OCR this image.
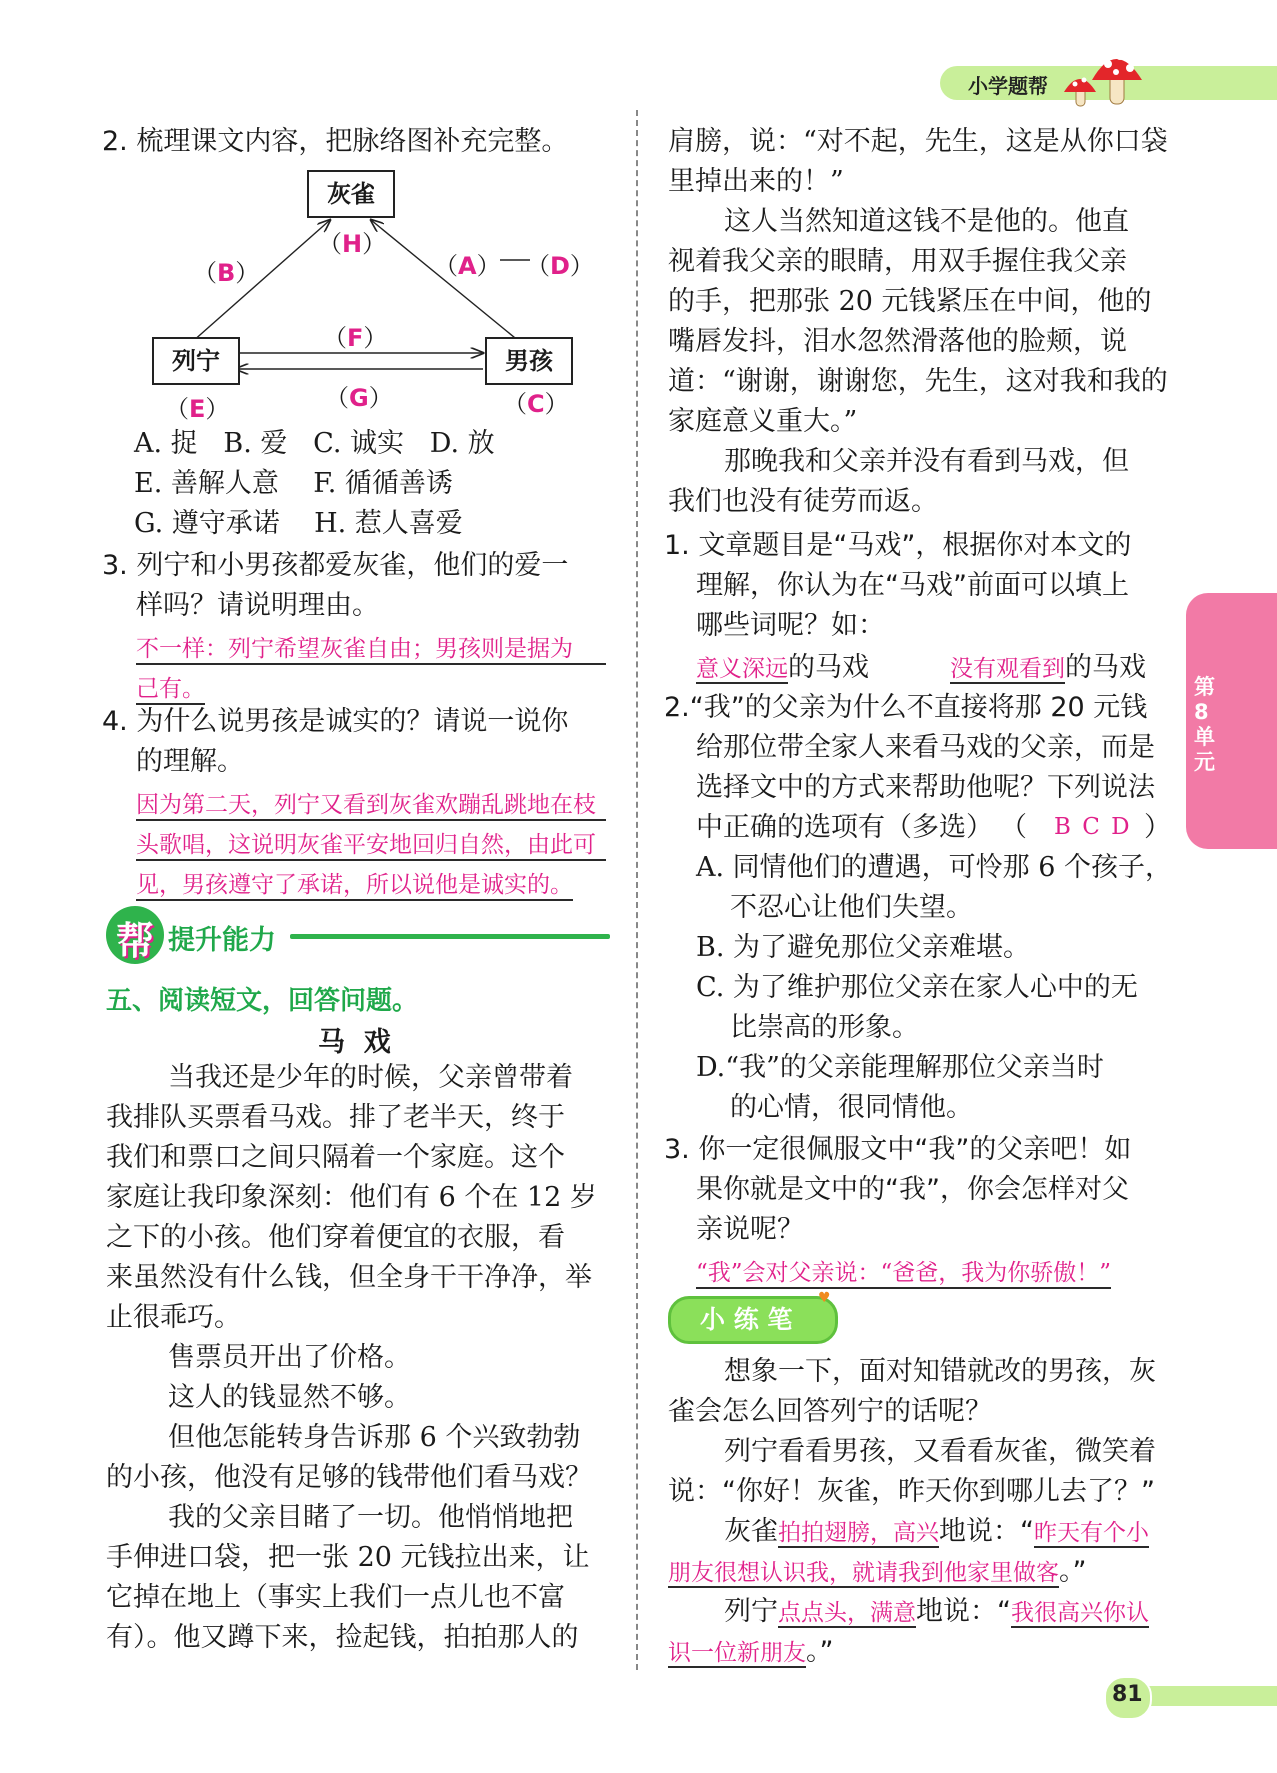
小学题帮
第8单元
2. 梳理课文内容，把脉络图补充完整。
灰雀
列宁	男孩
（H）
（B）	（A） （D）
（F）
（G）
（E）	（C）
A. 捉   B. 爱   C. 诚实   D. 放
E. 善解人意    F. 循循善诱
G. 遵守承诺    H. 惹人喜爱
3. 列宁和小男孩都爱灰雀，他们的爱一
样吗？请说明理由。
不一样：列宁希望灰雀自由；男孩则是据为
己有。
4. 为什么说男孩是诚实的？请说一说你
的理解。
因为第二天，列宁又看到灰雀欢蹦乱跳地在枝
头歌唱，这说明灰雀平安地回归自然，由此可
见，男孩遵守了承诺，所以说他是诚实的。
帮 提升能力
五、阅读短文，回答问题。
马  戏
当我还是少年的时候，父亲曾带着
我排队买票看马戏。排了老半天，终于
我们和票口之间只隔着一个家庭。这个
家庭让我印象深刻：他们有 6 个在 12 岁
之下的小孩。他们穿着便宜的衣服，看
来虽然没有什么钱，但全身干干净净，举
止很乖巧。
售票员开出了价格。
这人的钱显然不够。
但他怎能转身告诉那 6 个兴致勃勃
的小孩，他没有足够的钱带他们看马戏？
我的父亲目睹了一切。他悄悄地把
手伸进口袋，把一张 20 元钱拉出来，让
它掉在地上（事实上我们一点儿也不富
有）。他又蹲下来，捡起钱，拍拍那人的
肩膀，说：“对不起，先生，这是从你口袋
里掉出来的！”
这人当然知道这钱不是他的。他直
视着我父亲的眼睛，用双手握住我父亲
的手，把那张 20 元钱紧压在中间，他的
嘴唇发抖，泪水忽然滑落他的脸颊，说
道：“谢谢，谢谢您，先生，这对我和我的
家庭意义重大。”
那晚我和父亲并没有看到马戏，但
我们也没有徒劳而返。
1. 文章题目是“马戏”，根据你对本文的
理解，你认为在“马戏”前面可以填上
哪些词呢？如：
意义深远的马戏	没有观看到的马戏
2.“我”的父亲为什么不直接将那 20 元钱
给那位带全家人来看马戏的父亲，而是
选择文中的方式来帮助他呢？下列说法
中正确的选项有（多选） （ B C D ）
A. 同情他们的遭遇，可怜那 6 个孩子，
不忍心让他们失望。
B. 为了避免那位父亲难堪。
C. 为了维护那位父亲在家人心中的无
比崇高的形象。
D.“我”的父亲能理解那位父亲当时
的心情，很同情他。
3. 你一定很佩服文中“我”的父亲吧！如
果你就是文中的“我”，你会怎样对父
亲说呢？
“我”会对父亲说：“爸爸，我为你骄傲！”
小 练 笔
♥
想象一下，面对知错就改的男孩，灰
雀会怎么回答列宁的话呢？
列宁看看男孩，又看看灰雀，微笑着
说：“你好！灰雀，昨天你到哪儿去了？”
灰雀拍拍翅膀，高兴地说：“昨天有个小
朋友很想认识我，就请我到他家里做客。”
列宁点点头，满意地说：“我很高兴你认
识一位新朋友。”
81
